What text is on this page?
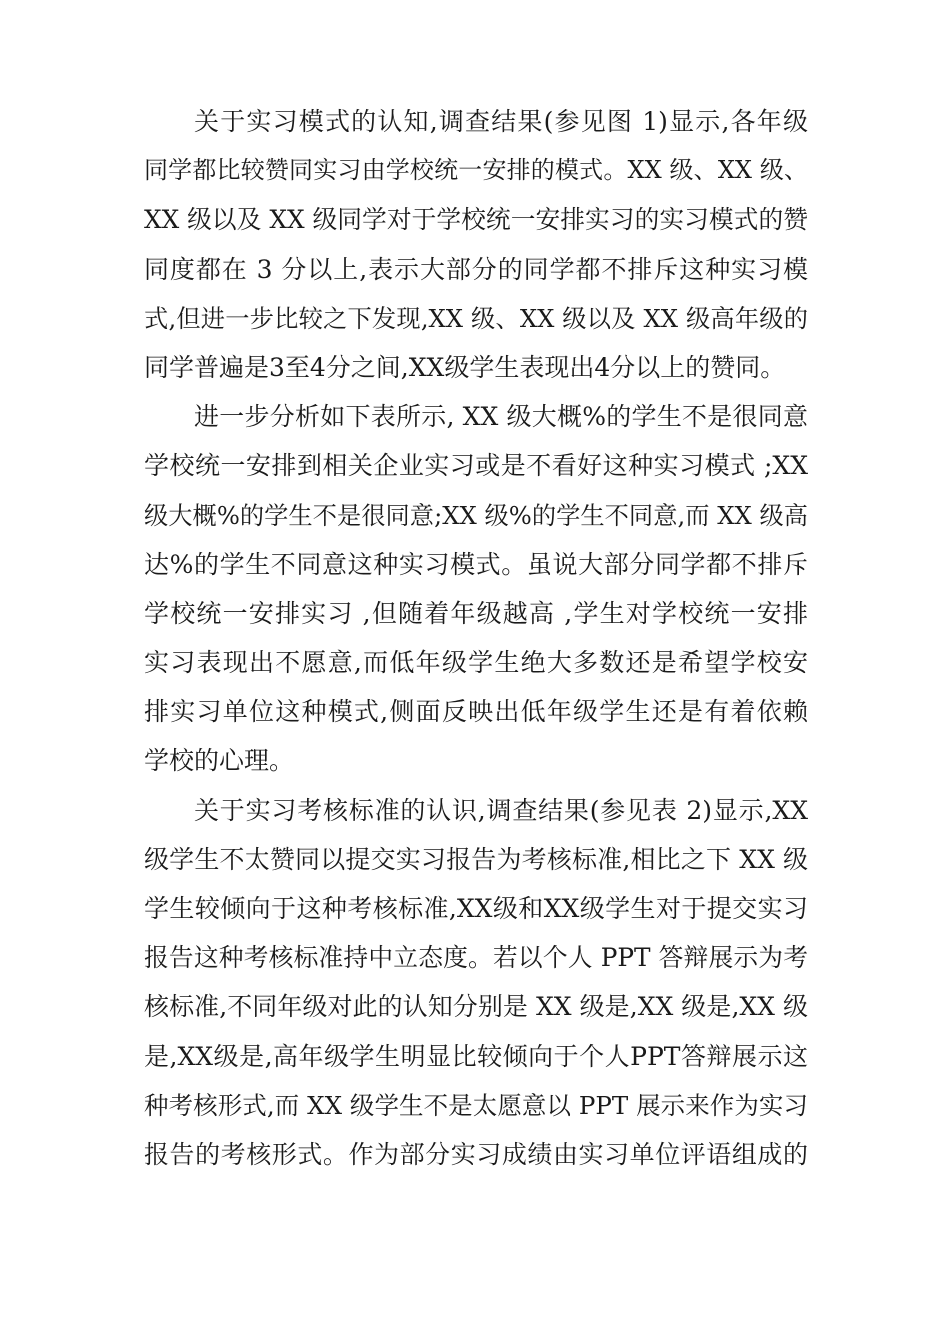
关于实习模式的认知,调查结果(参见图 1)显示,各年级
同学都比较赞同实习由学校统一安排的模式。XX 级、XX 级、
XX 级以及 XX 级同学对于学校统一安排实习的实习模式的赞
同度都在 3 分以上,表示大部分的同学都不排斥这种实习模
式,但进一步比较之下发现,XX 级、XX 级以及 XX 级高年级的
同学普遍是3至4分之间,XX级学生表现出4分以上的赞同。
进一步分析如下表所示, XX 级大概%的学生不是很同意
学校统一安排到相关企业实习或是不看好这种实习模式 ;XX
级大概%的学生不是很同意;XX 级%的学生不同意,而 XX 级高
达%的学生不同意这种实习模式。虽说大部分同学都不排斥
学校统一安排实习 ,但随着年级越高 ,学生对学校统一安排
实习表现出不愿意,而低年级学生绝大多数还是希望学校安
排实习单位这种模式,侧面反映出低年级学生还是有着依赖
学校的心理。
关于实习考核标准的认识,调查结果(参见表 2)显示,XX
级学生不太赞同以提交实习报告为考核标准,相比之下 XX 级
学生较倾向于这种考核标准,XX级和XX级学生对于提交实习
报告这种考核标准持中立态度。若以个人 PPT 答辩展示为考
核标准,不同年级对此的认知分别是 XX 级是,XX 级是,XX 级
是,XX级是,高年级学生明显比较倾向于个人PPT答辩展示这
种考核形式,而 XX 级学生不是太愿意以 PPT 展示来作为实习
报告的考核形式。作为部分实习成绩由实习单位评语组成的
